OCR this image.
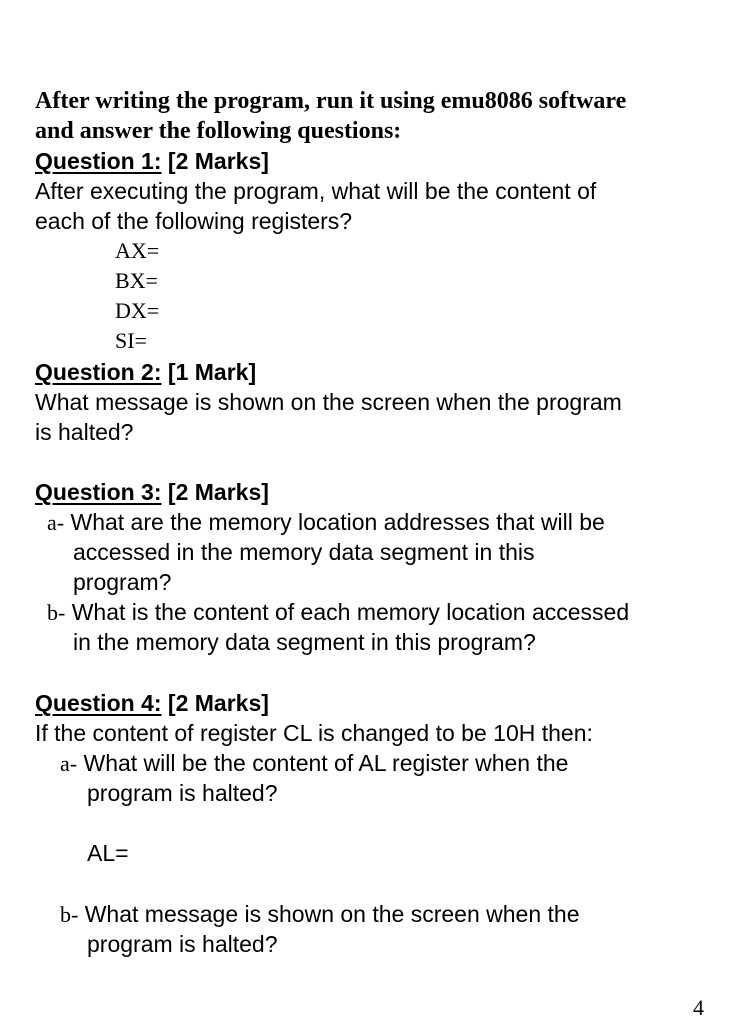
After writing the program, run it using emu8086 software
and answer the following questions:
Question 1: [2 Marks]
After executing the program, what will be the content of
each of the following registers?
AX=
BX=
DX=
SI=
Question 2: [1 Mark]
What message is shown on the screen when the program
is halted?
Question 3: [2 Marks]
a- What are the memory location addresses that will be
accessed in the memory data segment in this
program?
b- What is the content of each memory location accessed
in the memory data segment in this program?
Question 4: [2 Marks]
If the content of register CL is changed to be 10H then:
a- What will be the content of AL register when the
program is halted?
AL=
b- What message is shown on the screen when the
program is halted?
4
